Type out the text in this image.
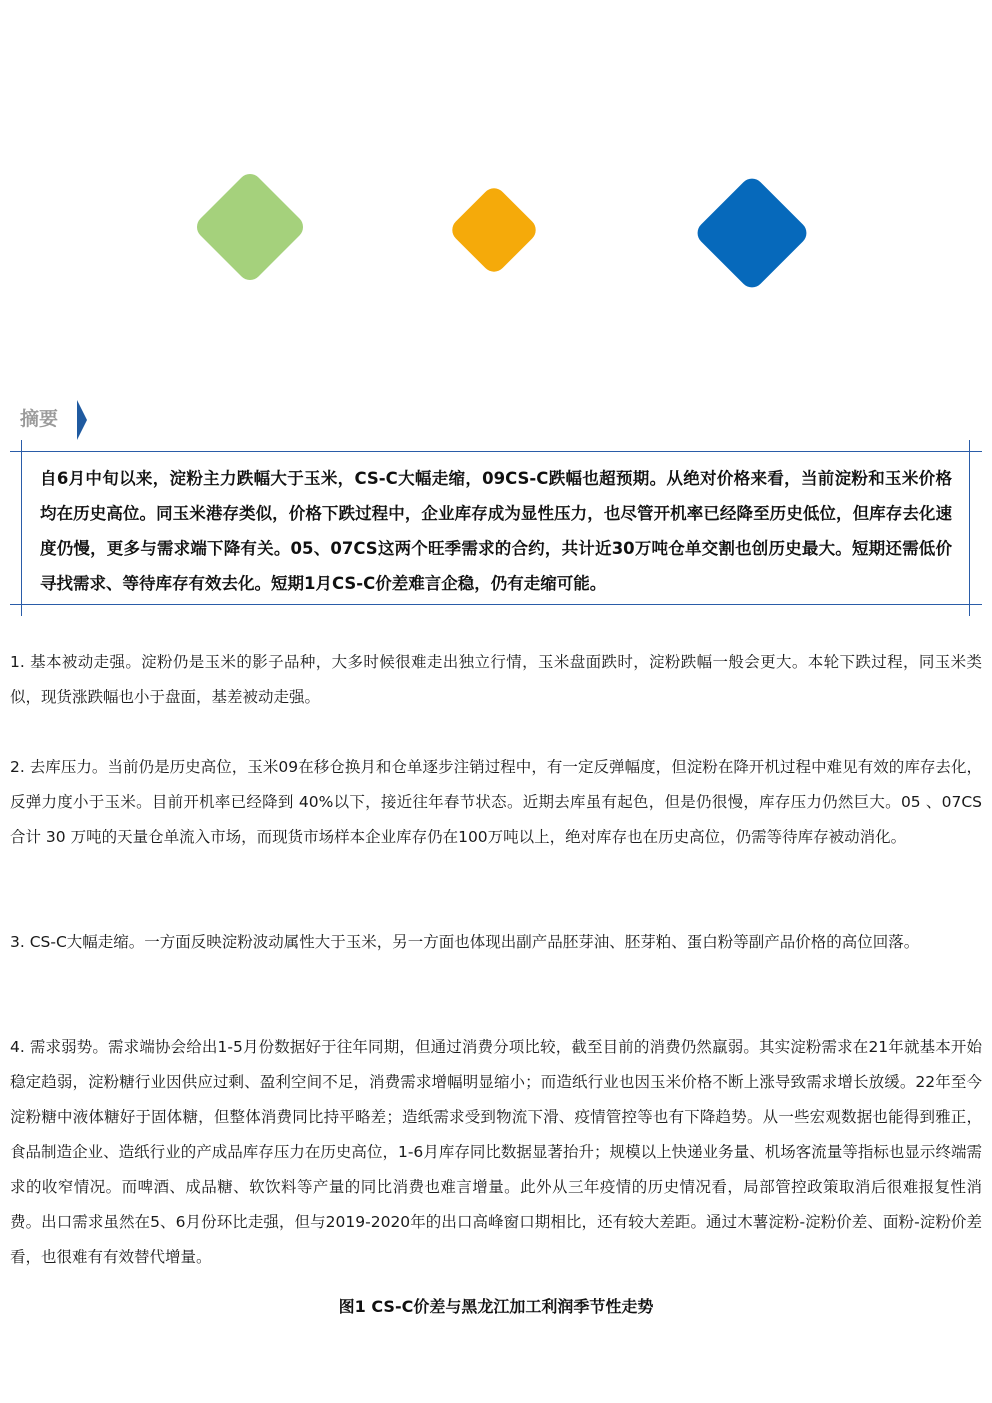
摘要
自6月中旬以来，淀粉主力跌幅大于玉米，CS-C大幅走缩，09CS-C跌幅也超预期。从绝对价格来看，当前淀粉和玉米价格均在历史高位。同玉米港存类似，价格下跌过程中，企业库存成为显性压力，也尽管开机率已经降至历史低位，但库存去化速度仍慢，更多与需求端下降有关。05、07CS这两个旺季需求的合约，共计近30万吨仓单交割也创历史最大。短期还需低价寻找需求、等待库存有效去化。短期1月CS-C价差难言企稳，仍有走缩可能。
1. 基本被动走强。淀粉仍是玉米的影子品种，大多时候很难走出独立行情，玉米盘面跌时，淀粉跌幅一般会更大。本轮下跌过程，同玉米类似，现货涨跌幅也小于盘面，基差被动走强。
2. 去库压力。当前仍是历史高位，玉米09在移仓换月和仓单逐步注销过程中，有一定反弹幅度，但淀粉在降开机过程中难见有效的库存去化，反弹力度小于玉米。目前开机率已经降到 40%以下，接近往年春节状态。近期去库虽有起色，但是仍很慢，库存压力仍然巨大。05 、07CS合计 30 万吨的天量仓单流入市场，而现货市场样本企业库存仍在100万吨以上，绝对库存也在历史高位，仍需等待库存被动消化。
3. CS-C大幅走缩。一方面反映淀粉波动属性大于玉米，另一方面也体现出副产品胚芽油、胚芽粕、蛋白粉等副产品价格的高位回落。
4. 需求弱势。需求端协会给出1-5月份数据好于往年同期，但通过消费分项比较，截至目前的消费仍然羸弱。其实淀粉需求在21年就基本开始稳定趋弱，淀粉糖行业因供应过剩、盈利空间不足，消费需求增幅明显缩小；而造纸行业也因玉米价格不断上涨导致需求增长放缓。22年至今淀粉糖中液体糖好于固体糖，但整体消费同比持平略差；造纸需求受到物流下滑、疫情管控等也有下降趋势。从一些宏观数据也能得到雅正，食品制造企业、造纸行业的产成品库存压力在历史高位，1-6月库存同比数据显著抬升；规模以上快递业务量、机场客流量等指标也显示终端需求的收窄情况。而啤酒、成品糖、软饮料等产量的同比消费也难言增量。此外从三年疫情的历史情况看，局部管控政策取消后很难报复性消费。出口需求虽然在5、6月份环比走强，但与2019-2020年的出口高峰窗口期相比，还有较大差距。通过木薯淀粉-淀粉价差、面粉-淀粉价差看，也很难有有效替代增量。
图1 CS-C价差与黑龙江加工利润季节性走势
